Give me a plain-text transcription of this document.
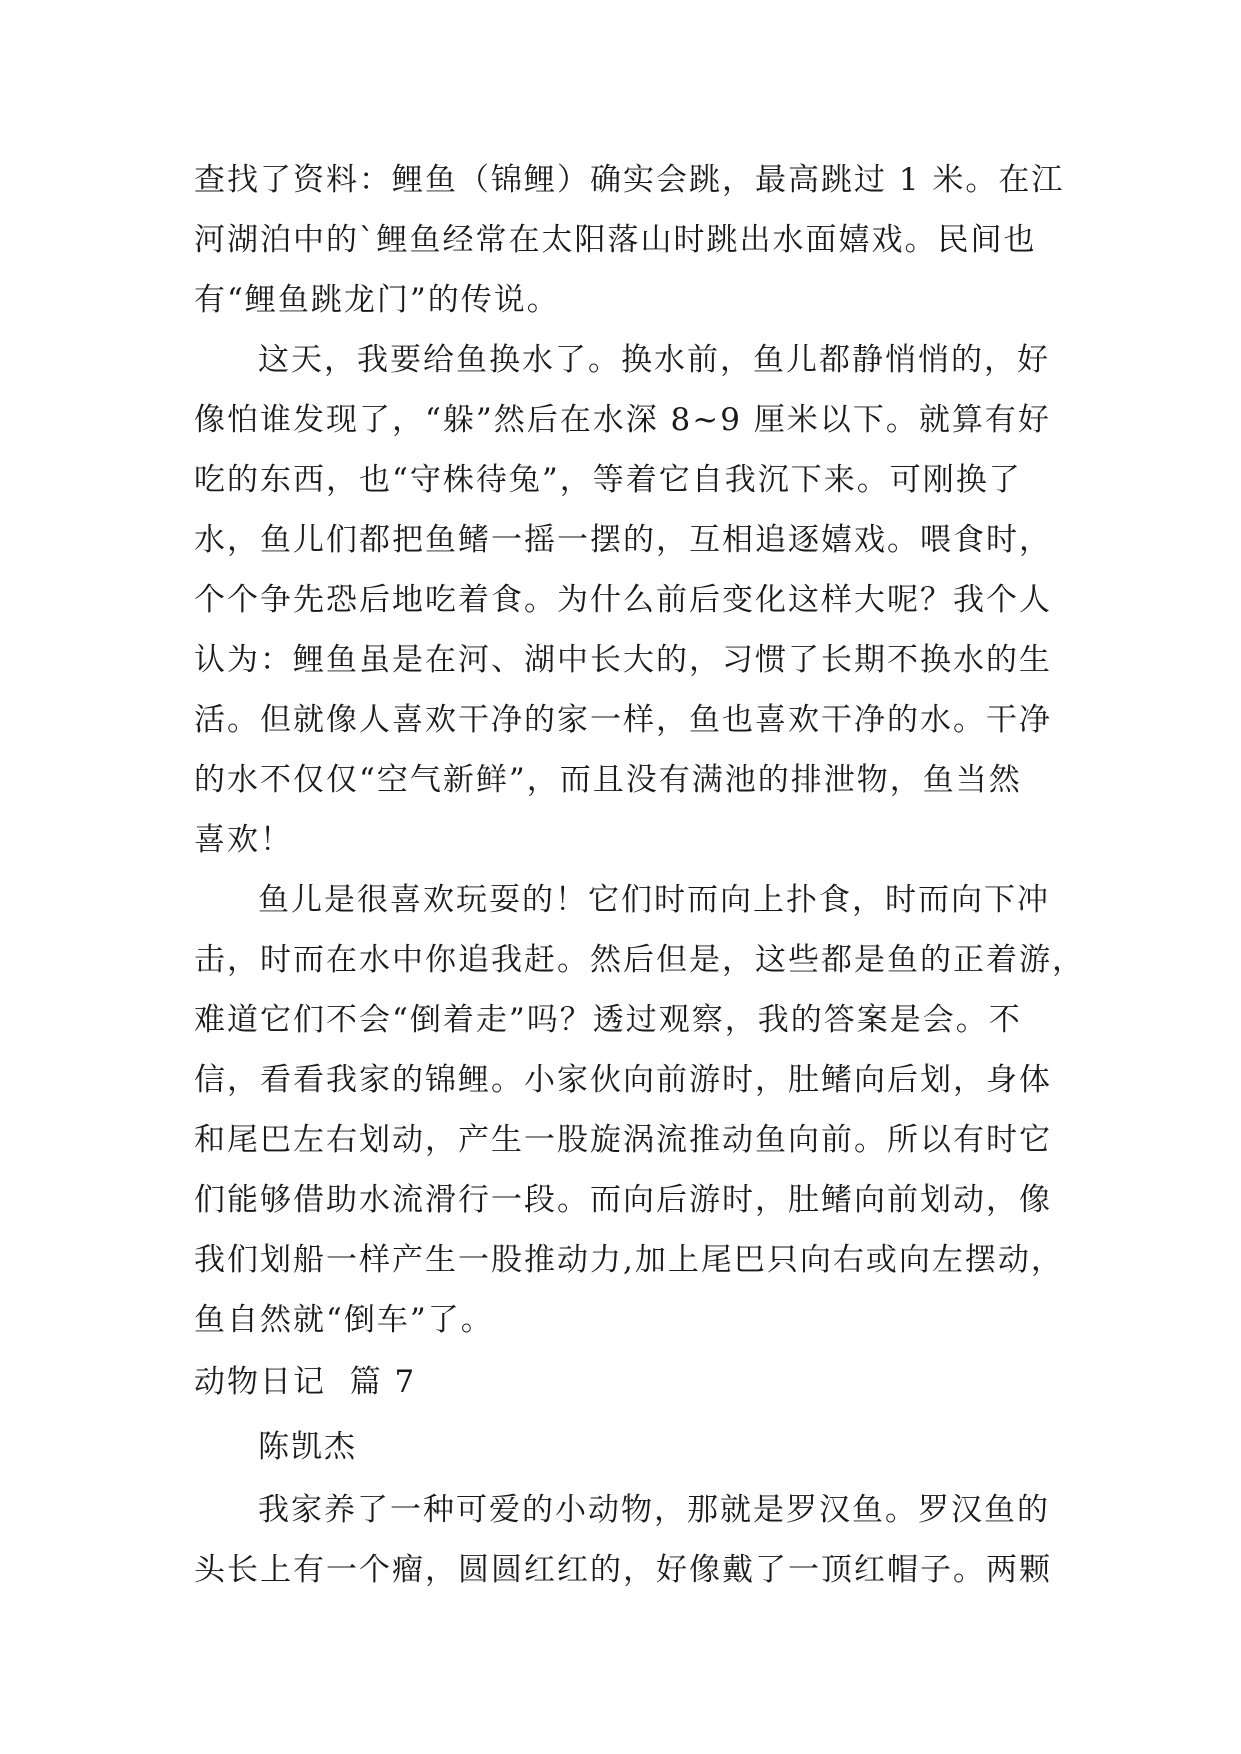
查找了资料：鲤鱼（锦鲤）确实会跳，最高跳过 1 米。在江
河湖泊中的`鲤鱼经常在太阳落山时跳出水面嬉戏。民间也
有“鲤鱼跳龙门”的传说。
这天，我要给鱼换水了。换水前，鱼儿都静悄悄的，好
像怕谁发现了，“躲”然后在水深 8~9 厘米以下。就算有好
吃的东西，也“守株待兔”，等着它自我沉下来。可刚换了
水，鱼儿们都把鱼鳍一摇一摆的，互相追逐嬉戏。喂食时，
个个争先恐后地吃着食。为什么前后变化这样大呢？我个人
认为：鲤鱼虽是在河、湖中长大的，习惯了长期不换水的生
活。但就像人喜欢干净的家一样，鱼也喜欢干净的水。干净
的水不仅仅“空气新鲜”，而且没有满池的排泄物，鱼当然
喜欢！
鱼儿是很喜欢玩耍的！它们时而向上扑食，时而向下冲
击，时而在水中你追我赶。然后但是，这些都是鱼的正着游，
难道它们不会“倒着走”吗？透过观察，我的答案是会。不
信，看看我家的锦鲤。小家伙向前游时，肚鳍向后划，身体
和尾巴左右划动，产生一股旋涡流推动鱼向前。所以有时它
们能够借助水流滑行一段。而向后游时，肚鳍向前划动，像
我们划船一样产生一股推动力,加上尾巴只向右或向左摆动，
鱼自然就“倒车”了。
动物日记  篇 7
陈凯杰
我家养了一种可爱的小动物，那就是罗汉鱼。罗汉鱼的
头长上有一个瘤，圆圆红红的，好像戴了一顶红帽子。两颗
